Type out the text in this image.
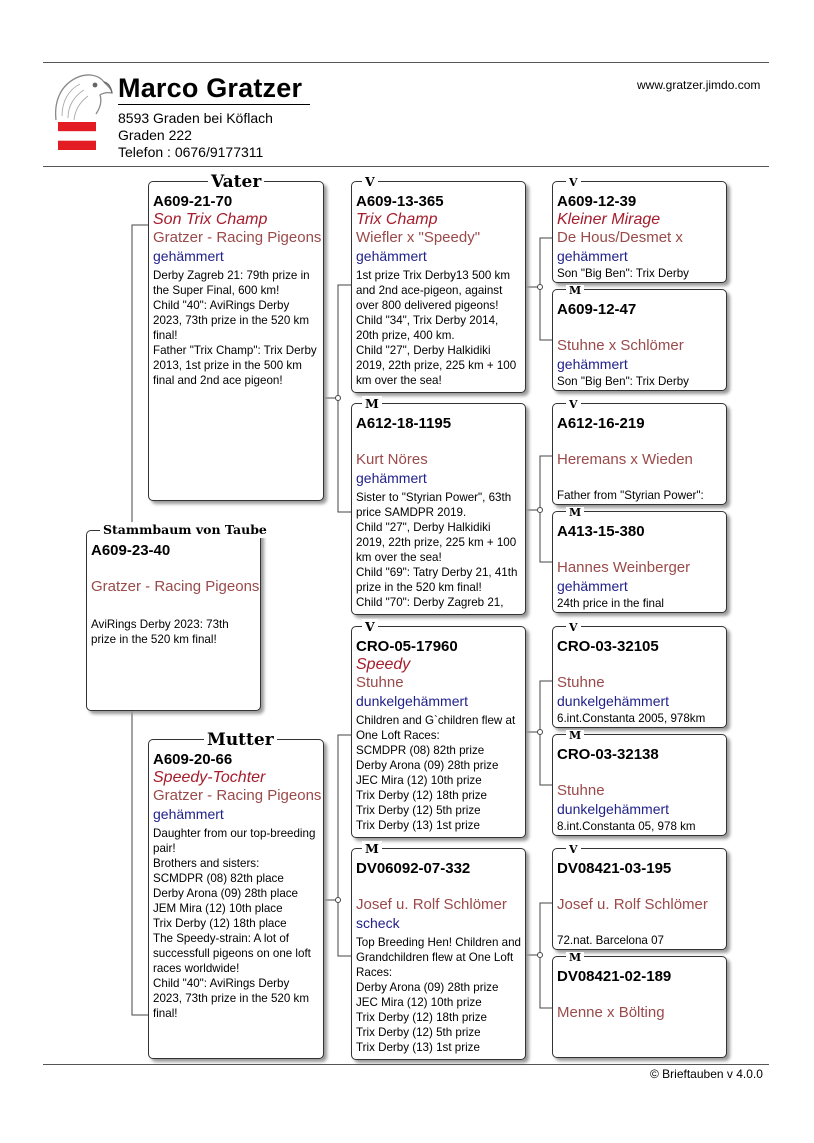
Marco Gratzer
8593 Graden bei Köflach
Graden 222
Telefon : 0676/9177311
www.gratzer.jimdo.com
A609-23-40
Gratzer - Racing Pigeons
AviRings Derby 2023: 73th prize in the 520 km final!
Stammbaum von Taube
A609-21-70
Son Trix Champ
Gratzer - Racing Pigeons
gehämmert
Derby Zagreb 21: 79th prize in the Super Final, 600 km!
Child "40": AviRings Derby 2023, 73th prize in the 520 km final!
Father "Trix Champ": Trix Derby 2013, 1st prize in the 500 km final and 2nd ace pigeon!
Vater
A609-20-66
Speedy-Tochter
Gratzer - Racing Pigeons
gehämmert
Daughter from our top-breeding pair!
Brothers and sisters:
SCMDPR (08) 82th place
Derby Arona (09) 28th place
JEM Mira (12) 10th place
Trix Derby (12) 18th place
The Speedy-strain: A lot of successfull pigeons on one loft races worldwide!
Child "40": AviRings Derby 2023, 73th prize in the 520 km final!
Mutter
A609-13-365
Trix Champ
Wiefler x "Speedy"
gehämmert
1st prize Trix Derby13 500 km and 2nd ace-pigeon, against over 800 delivered pigeons!
Child "34", Trix Derby 2014, 20th prize, 400 km.
Child "27", Derby Halkidiki 2019, 22th prize, 225 km + 100 km over the sea!
V
A612-18-1195
Kurt Nöres
gehämmert
Sister to "Styrian Power", 63th price SAMDPR 2019.
Child "27", Derby Halkidiki 2019, 22th prize, 225 km + 100 km over the sea!
Child "69": Tatry Derby 21, 41th prize in the 520 km final!
Child "70": Derby Zagreb 21,
M
CRO-05-17960
Speedy
Stuhne
dunkelgehämmert
Children and G`children flew at One Loft Races:
SCMDPR (08) 82th prize
Derby Arona (09) 28th prize
JEC Mira (12) 10th prize
Trix Derby (12) 18th prize
Trix Derby (12) 5th prize
Trix Derby (13) 1st prize
V
DV06092-07-332
Josef u. Rolf Schlömer
scheck
Top Breeding Hen! Children and Grandchildren flew at One Loft Races:
Derby Arona (09) 28th prize
JEC Mira (12) 10th prize
Trix Derby (12) 18th prize
Trix Derby (12) 5th prize
Trix Derby (13) 1st prize
M
A609-12-39
Kleiner Mirage
De Hous/Desmet x
gehämmert
Son "Big Ben": Trix Derby
V
A609-12-47
Stuhne x Schlömer
gehämmert
Son "Big Ben": Trix Derby
M
A612-16-219
Heremans x Wieden
Father from "Styrian Power":
V
A413-15-380
Hannes Weinberger
gehämmert
24th price in the final
M
CRO-03-32105
Stuhne
dunkelgehämmert
6.int.Constanta 2005, 978km
V
CRO-03-32138
Stuhne
dunkelgehämmert
8.int.Constanta 05, 978 km
M
DV08421-03-195
Josef u. Rolf Schlömer
72.nat. Barcelona 07
V
DV08421-02-189
Menne x Bölting
M
© Brieftauben v 4.0.0
